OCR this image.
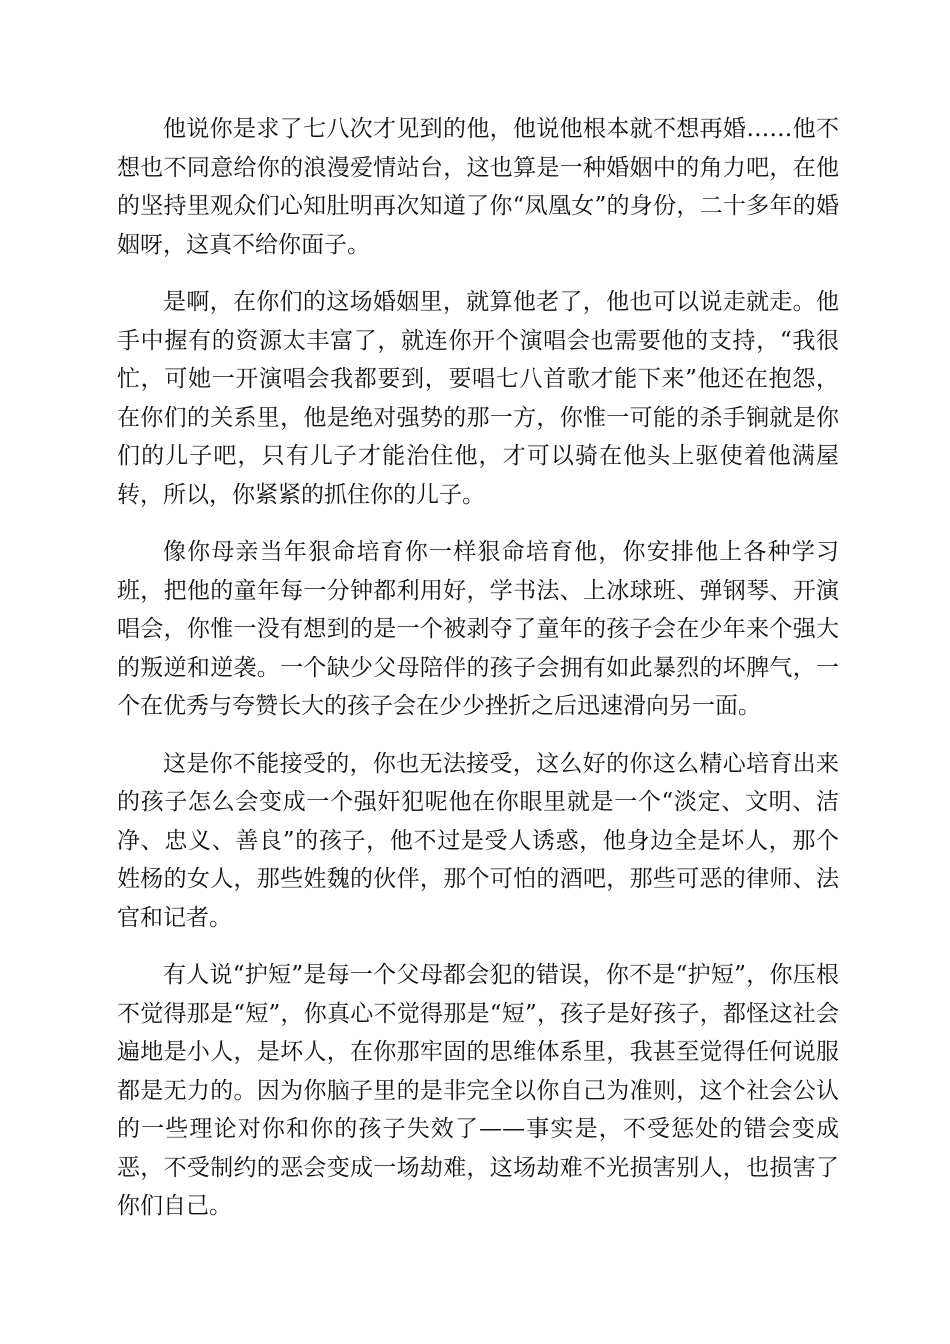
他说你是求了七八次才见到的他，他说他根本就不想再婚……他不想也不同意给你的浪漫爱情站台，这也算是一种婚姻中的角力吧，在他的坚持里观众们心知肚明再次知道了你“凤凰女”的身份，二十多年的婚姻呀，这真不给你面子。

是啊，在你们的这场婚姻里，就算他老了，他也可以说走就走。他手中握有的资源太丰富了，就连你开个演唱会也需要他的支持，“我很忙，可她一开演唱会我都要到，要唱七八首歌才能下来”他还在抱怨，在你们的关系里，他是绝对强势的那一方，你惟一可能的杀手锏就是你们的儿子吧，只有儿子才能治住他，才可以骑在他头上驱使着他满屋转，所以，你紧紧的抓住你的儿子。

像你母亲当年狠命培育你一样狠命培育他，你安排他上各种学习班，把他的童年每一分钟都利用好，学书法、上冰球班、弹钢琴、开演唱会，你惟一没有想到的是一个被剥夺了童年的孩子会在少年来个强大的叛逆和逆袭。一个缺少父母陪伴的孩子会拥有如此暴烈的坏脾气，一个在优秀与夸赞长大的孩子会在少少挫折之后迅速滑向另一面。

这是你不能接受的，你也无法接受，这么好的你这么精心培育出来的孩子怎么会变成一个强奸犯呢他在你眼里就是一个“淡定、文明、洁净、忠义、善良”的孩子，他不过是受人诱惑，他身边全是坏人，那个姓杨的女人，那些姓魏的伙伴，那个可怕的酒吧，那些可恶的律师、法官和记者。

有人说“护短”是每一个父母都会犯的错误，你不是“护短”，你压根不觉得那是“短”，你真心不觉得那是“短”，孩子是好孩子，都怪这社会遍地是小人，是坏人，在你那牢固的思维体系里，我甚至觉得任何说服都是无力的。因为你脑子里的是非完全以你自己为准则，这个社会公认的一些理论对你和你的孩子失效了——事实是，不受惩处的错会变成恶，不受制约的恶会变成一场劫难，这场劫难不光损害别人，也损害了你们自己。
